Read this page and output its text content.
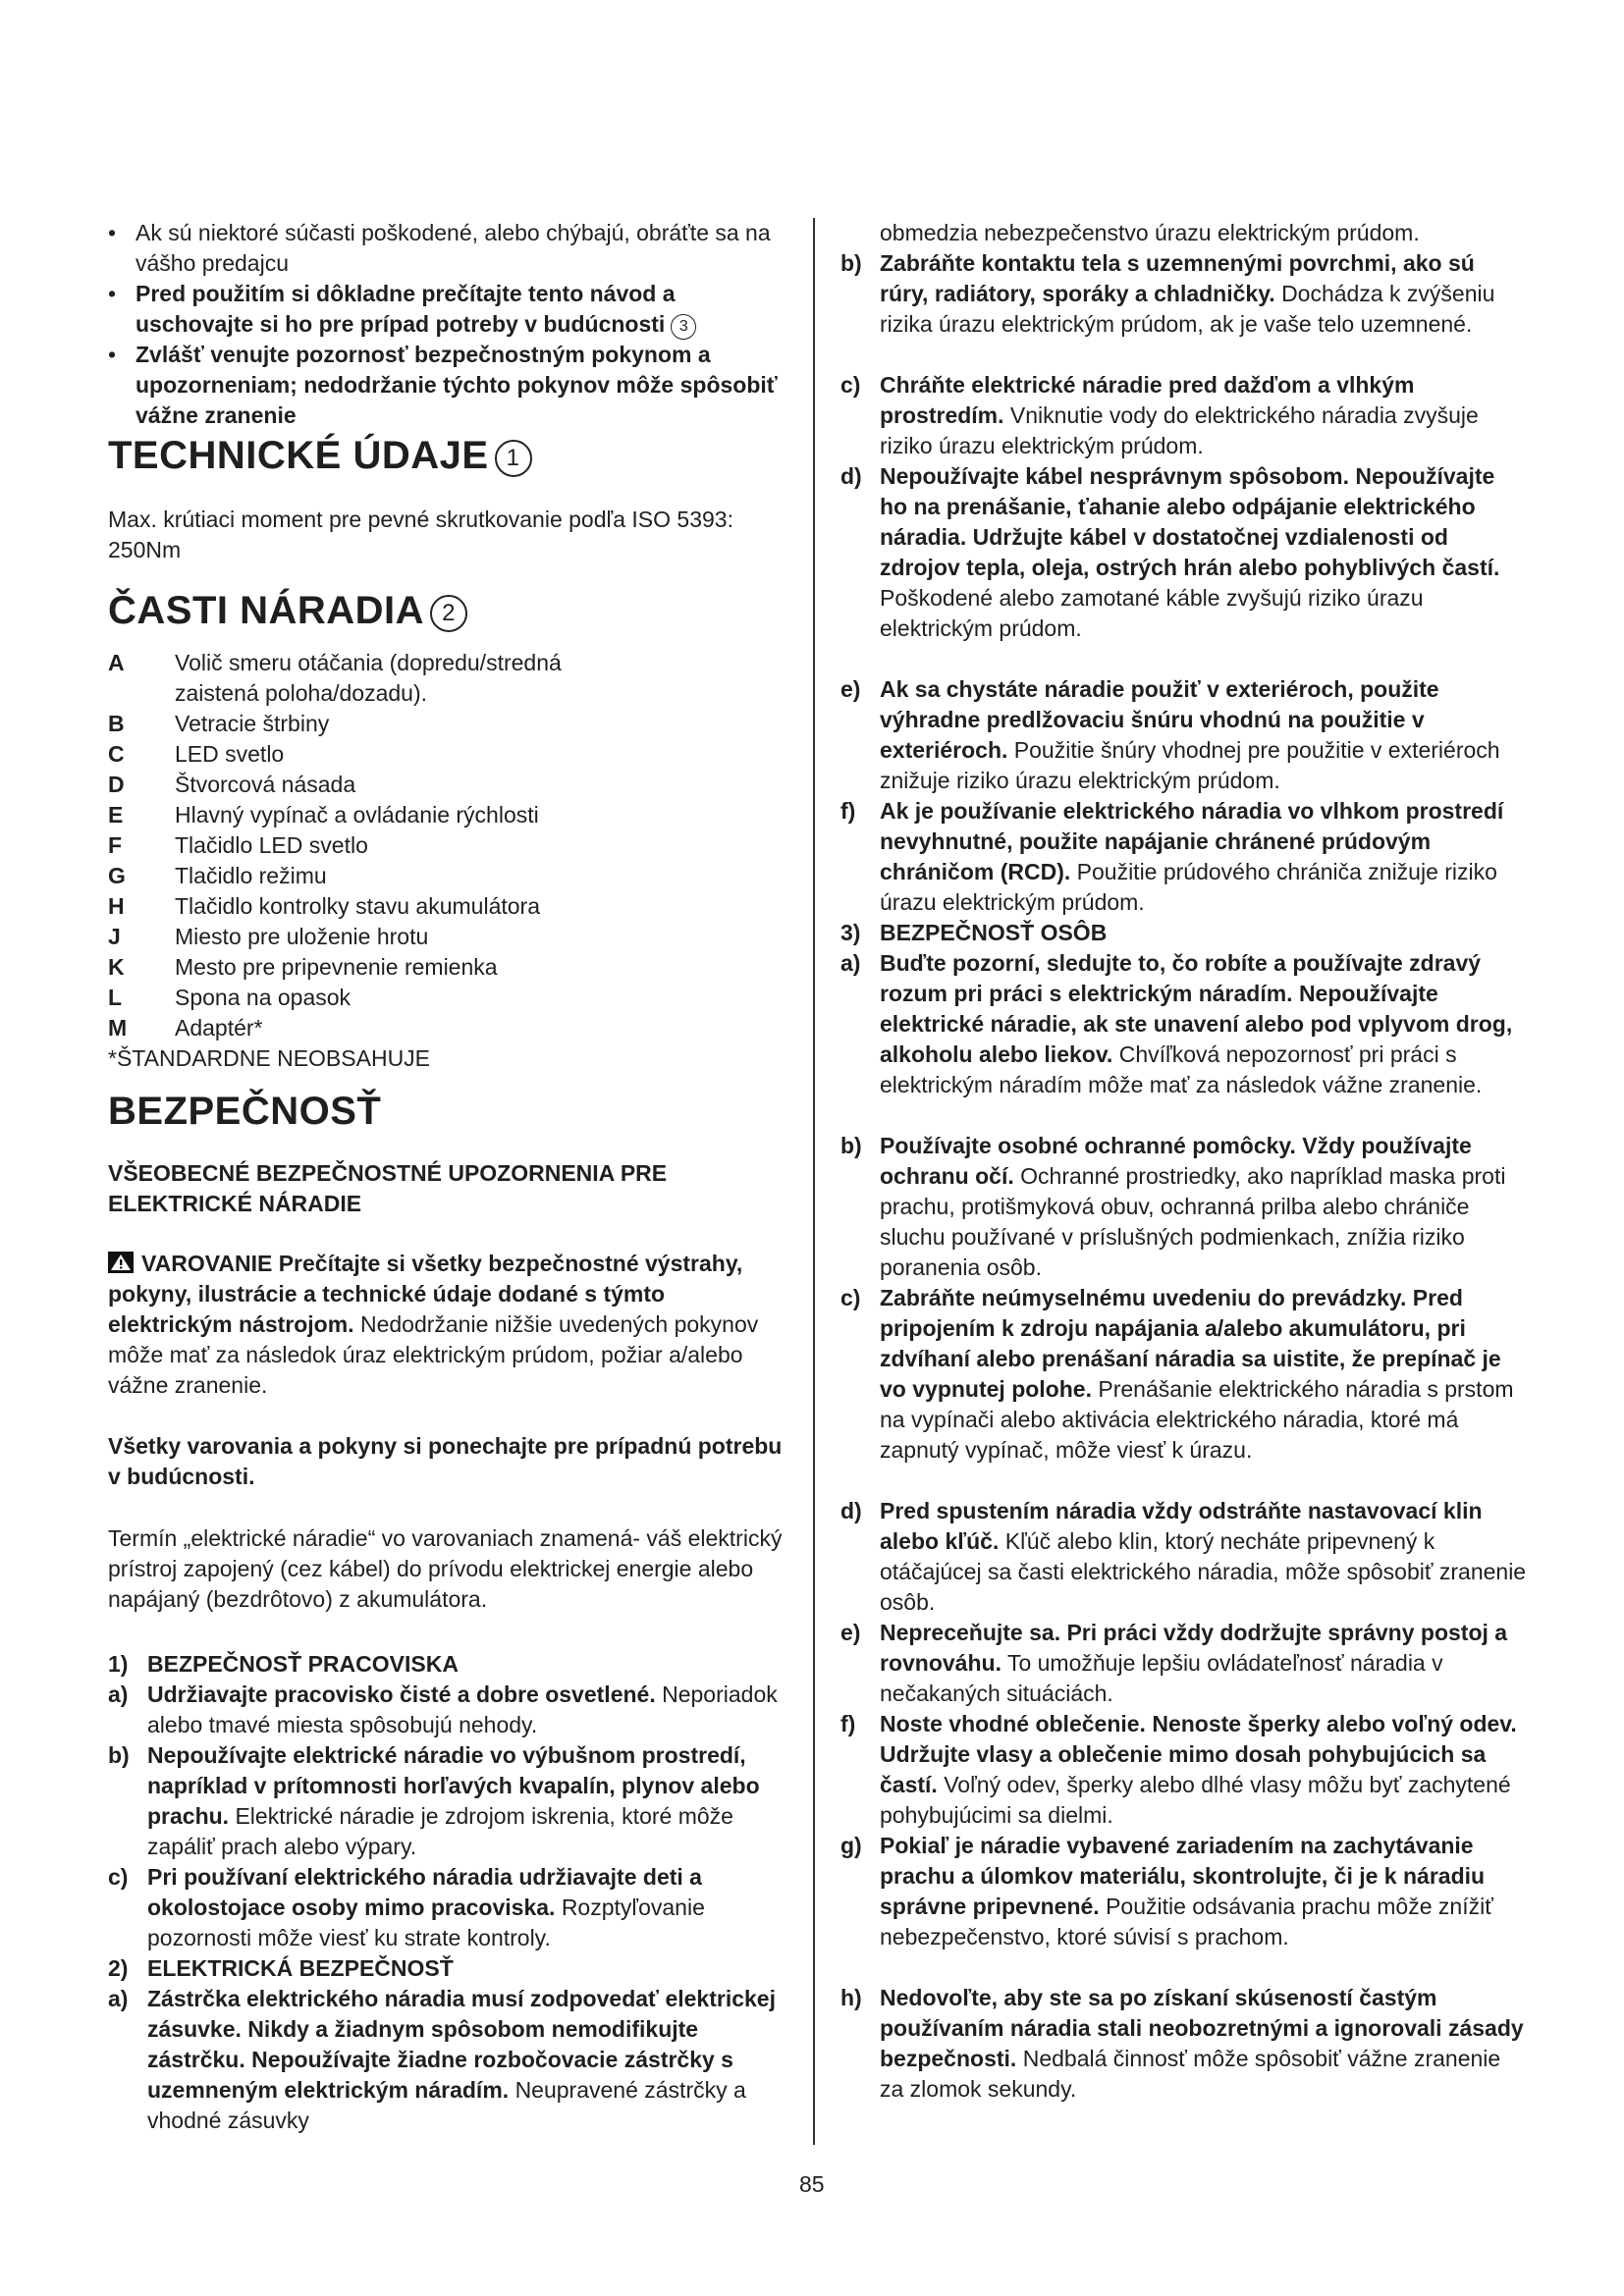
• Ak sú niektoré súčasti poškodené, alebo chýbajú, obráťte sa na vášho predajcu
• Pred použitím si dôkladne prečítajte tento návod a uschovajte si ho pre prípad potreby v budúcnosti 3
• Zvlášť venujte pozornosť bezpečnostným pokynom a upozorneniam; nedodržanie týchto pokynov môže spôsobiť vážne zranenie
TECHNICKÉ ÚDAJE 1

Max. krútiaci moment pre pevné skrutkovanie podľa ISO 5393: 250Nm

ČASTI NÁRADIA 2
A Volič smeru otáčania (dopredu/stredná zaistená poloha/dozadu).
B Vetracie štrbiny
C LED svetlo
D Štvorcová násada
E Hlavný vypínač a ovládanie rýchlosti
F Tlačidlo LED svetlo
G Tlačidlo režimu
H Tlačidlo kontrolky stavu akumulátora
J Miesto pre uloženie hrotu
K Mesto pre pripevnenie remienka
L Spona na opasok
M Adaptér*
*ŠTANDARDNE NEOBSAHUJE
BEZPEČNOSŤ

VŠEOBECNÉ BEZPEČNOSTNÉ UPOZORNENIA PRE ELEKTRICKÉ NÁRADIE

VAROVANIE Prečítajte si všetky bezpečnostné výstrahy, pokyny, ilustrácie a technické údaje dodané s týmto elektrickým nástrojom. Nedodržanie nižšie uvedených pokynov môže mať za následok úraz elektrickým prúdom, požiar a/alebo vážne zranenie.

Všetky varovania a pokyny si ponechajte pre prípadnú potrebu v budúcnosti.

Termín „elektrické náradie“ vo varovaniach znamená- váš elektrický prístroj zapojený (cez kábel) do prívodu elektrickej energie alebo napájaný (bezdrôtovo) z akumulátora.

1) BEZPEČNOSŤ PRACOVISKA
a) Udržiavajte pracovisko čisté a dobre osvetlené. Neporiadok alebo tmavé miesta spôsobujú nehody.
b) Nepoužívajte elektrické náradie vo výbušnom prostredí, napríklad v prítomnosti horľavých kvapalín, plynov alebo prachu. Elektrické náradie je zdrojom iskrenia, ktoré môže zapáliť prach alebo výpary.
c) Pri používaní elektrického náradia udržiavajte deti a okolostojace osoby mimo pracoviska. Rozptyľovanie pozornosti môže viesť ku strate kontroly.
2) ELEKTRICKÁ BEZPEČNOSŤ
a) Zástrčka elektrického náradia musí zodpovedať elektrickej zásuvke. Nikdy a žiadnym spôsobom nemodifikujte zástrčku. Nepoužívajte žiadne rozbočovacie zástrčky s uzemneným elektrickým náradím. Neupravené zástrčky a vhodné zásuvky

obmedzia nebezpečenstvo úrazu elektrickým prúdom.

b) Zabráňte kontaktu tela s uzemnenými povrchmi, ako sú rúry, radiátory, sporáky a chladničky. Dochádza k zvýšeniu rizika úrazu elektrickým prúdom, ak je vaše telo uzemnené.
c) Chráňte elektrické náradie pred dažďom a vlhkým prostredím. Vniknutie vody do elektrického náradia zvyšuje riziko úrazu elektrickým prúdom.
d) Nepoužívajte kábel nesprávnym spôsobom. Nepoužívajte ho na prenášanie, ťahanie alebo odpájanie elektrického náradia. Udržujte kábel v dostatočnej vzdialenosti od zdrojov tepla, oleja, ostrých hrán alebo pohyblivých častí. Poškodené alebo zamotané káble zvyšujú riziko úrazu elektrickým prúdom.
e) Ak sa chystáte náradie použiť v exteriéroch, použite výhradne predlžovaciu šnúru vhodnú na použitie v exteriéroch. Použitie šnúry vhodnej pre použitie v exteriéroch znižuje riziko úrazu elektrickým prúdom.
f) Ak je používanie elektrického náradia vo vlhkom prostredí nevyhnutné, použite napájanie chránené prúdovým chráničom (RCD). Použitie prúdového chrániča znižuje riziko úrazu elektrickým prúdom.
3) BEZPEČNOSŤ OSÔB
a) Buďte pozorní, sledujte to, čo robíte a používajte zdravý rozum pri práci s elektrickým náradím. Nepoužívajte elektrické náradie, ak ste unavení alebo pod vplyvom drog, alkoholu alebo liekov. Chvíľková nepozornosť pri práci s elektrickým náradím môže mať za následok vážne zranenie.
b) Používajte osobné ochranné pomôcky. Vždy používajte ochranu očí. Ochranné prostriedky, ako napríklad maska proti prachu, protišmyková obuv, ochranná prilba alebo chrániče sluchu používané v príslušných podmienkach, znížia riziko poranenia osôb.
c) Zabráňte neúmyselnému uvedeniu do prevádzky. Pred pripojením k zdroju napájania a/alebo akumulátoru, pri zdvíhaní alebo prenášaní náradia sa uistite, že prepínač je vo vypnutej polohe. Prenášanie elektrického náradia s prstom na vypínači alebo aktivácia elektrického náradia, ktoré má zapnutý vypínač, môže viesť k úrazu.
d) Pred spustením náradia vždy odstráňte nastavovací klin alebo kľúč. Kľúč alebo klin, ktorý necháte pripevnený k otáčajúcej sa časti elektrického náradia, môže spôsobiť zranenie osôb.
e) Nepreceňujte sa. Pri práci vždy dodržujte správny postoj a rovnováhu. To umožňuje lepšiu ovládateľnosť náradia v nečakaných situáciách.
f) Noste vhodné oblečenie. Nenoste šperky alebo voľný odev. Udržujte vlasy a oblečenie mimo dosah pohybujúcich sa častí. Voľný odev, šperky alebo dlhé vlasy môžu byť zachytené pohybujúcimi sa dielmi.
g) Pokiaľ je náradie vybavené zariadením na zachytávanie prachu a úlomkov materiálu, skontrolujte, či je k náradiu správne pripevnené. Použitie odsávania prachu môže znížiť nebezpečenstvo, ktoré súvisí s prachom.
h) Nedovoľte, aby ste sa po získaní skúseností častým používaním náradia stali neobozretnými a ignorovali zásady bezpečnosti. Nedbalá činnosť môže spôsobiť vážne zranenie za zlomok sekundy.
85
